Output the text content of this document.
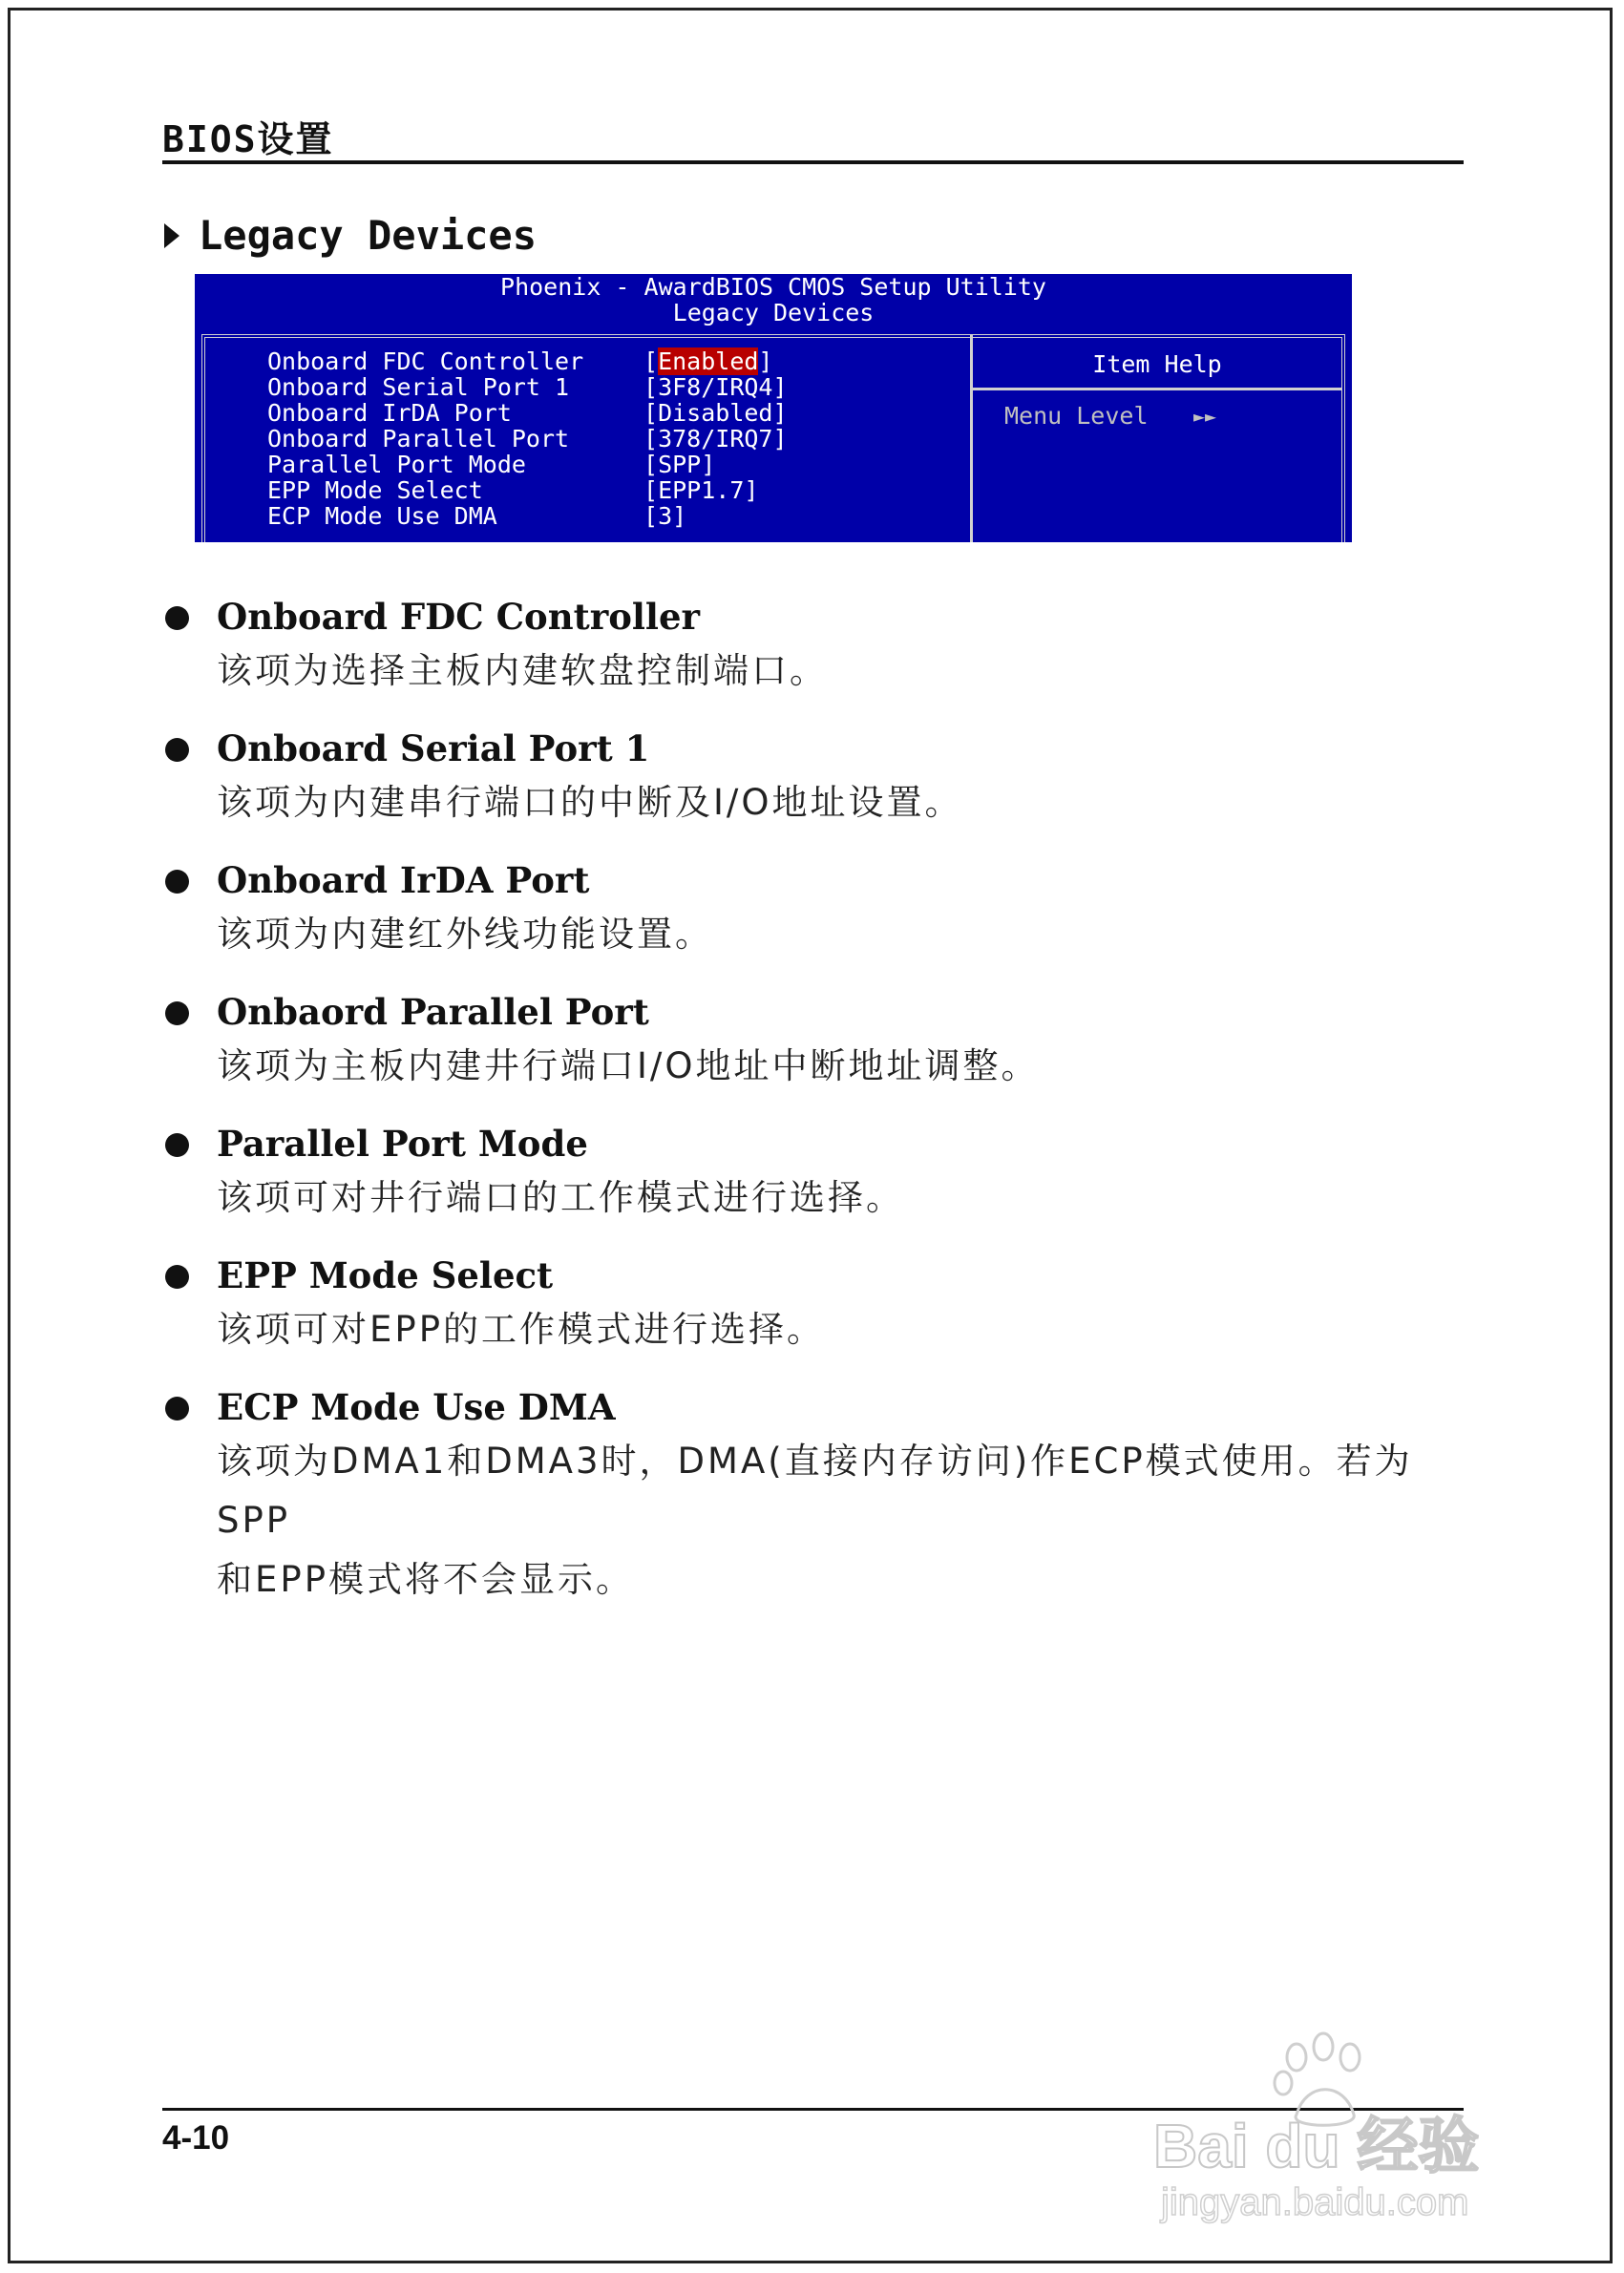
BIOS设置
Legacy Devices
Phoenix - AwardBIOS CMOS Setup Utility
Legacy Devices
Onboard FDC Controller	[Enabled]
Onboard Serial Port 1	[3F8/IRQ4]
Onboard IrDA Port	[Disabled]
Onboard Parallel Port	[378/IRQ7]
Parallel Port Mode	[SPP]
EPP Mode Select	[EPP1.7]
ECP Mode Use DMA	[3]
Item Help
Menu Level ►►
Onboard FDC Controller
该项为选择主板内建软盘控制端口。
Onboard Serial Port 1
该项为内建串行端口的中断及I/O地址设置。
Onboard IrDA Port
该项为内建红外线功能设置。
Onbaord Parallel Port
该项为主板内建井行端口I/O地址中断地址调整。
Parallel Port Mode
该项可对井行端口的工作模式进行选择。
EPP Mode Select
该项可对EPP的工作模式进行选择。
ECP Mode Use DMA
该项为DMA1和DMA3时，DMA(直接内存访问)作ECP模式使用。若为SPP
和EPP模式将不会显示。
4-10	Bai du 经验
jingyan.baidu.com
